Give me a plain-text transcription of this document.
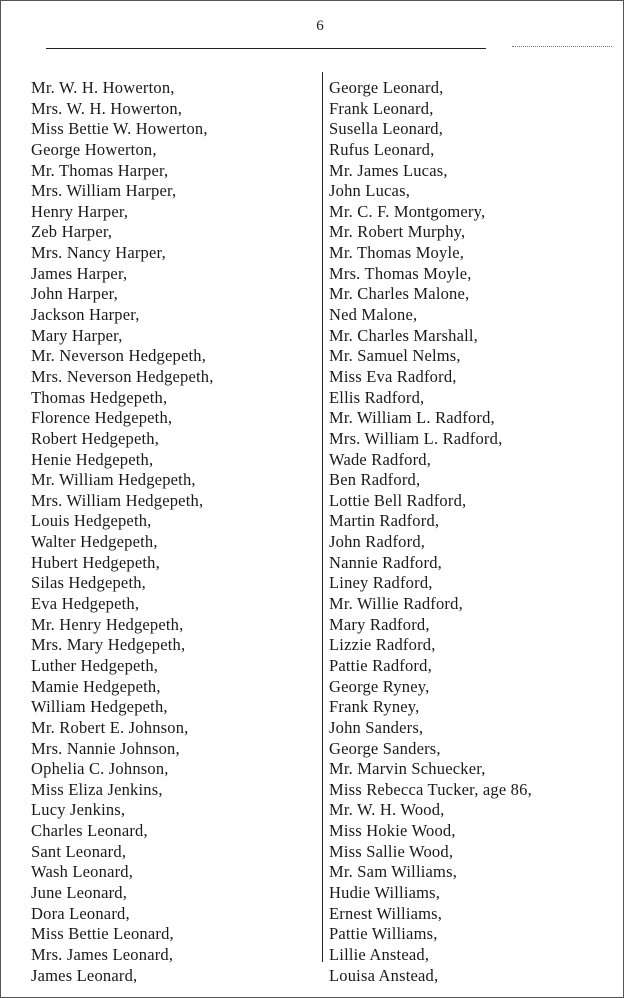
6
Mr. W. H. Howerton,
Mrs. W. H. Howerton,
Miss Bettie W. Howerton,
George Howerton,
Mr. Thomas Harper,
Mrs. William Harper,
Henry Harper,
Zeb Harper,
Mrs. Nancy Harper,
James Harper,
John Harper,
Jackson Harper,
Mary Harper,
Mr. Neverson Hedgepeth,
Mrs. Neverson Hedgepeth,
Thomas Hedgepeth,
Florence Hedgepeth,
Robert Hedgepeth,
Henie Hedgepeth,
Mr. William Hedgepeth,
Mrs. William Hedgepeth,
Louis Hedgepeth,
Walter Hedgepeth,
Hubert Hedgepeth,
Silas Hedgepeth,
Eva Hedgepeth,
Mr. Henry Hedgepeth,
Mrs. Mary Hedgepeth,
Luther Hedgepeth,
Mamie Hedgepeth,
William Hedgepeth,
Mr. Robert E. Johnson,
Mrs. Nannie Johnson,
Ophelia C. Johnson,
Miss Eliza Jenkins,
Lucy Jenkins,
Charles Leonard,
Sant Leonard,
Wash Leonard,
June Leonard,
Dora Leonard,
Miss Bettie Leonard,
Mrs. James Leonard,
James Leonard,
George Leonard,
Frank Leonard,
Susella Leonard,
Rufus Leonard,
Mr. James Lucas,
John Lucas,
Mr. C. F. Montgomery,
Mr. Robert Murphy,
Mr. Thomas Moyle,
Mrs. Thomas Moyle,
Mr. Charles Malone,
Ned Malone,
Mr. Charles Marshall,
Mr. Samuel Nelms,
Miss Eva Radford,
Ellis Radford,
Mr. William L. Radford,
Mrs. William L. Radford,
Wade Radford,
Ben Radford,
Lottie Bell Radford,
Martin Radford,
John Radford,
Nannie Radford,
Liney Radford,
Mr. Willie Radford,
Mary Radford,
Lizzie Radford,
Pattie Radford,
George Ryney,
Frank Ryney,
John Sanders,
George Sanders,
Mr. Marvin Schuecker,
Miss Rebecca Tucker, age 86,
Mr. W. H. Wood,
Miss Hokie Wood,
Miss Sallie Wood,
Mr. Sam Williams,
Hudie Williams,
Ernest Williams,
Pattie Williams,
Lillie Anstead,
Louisa Anstead,
